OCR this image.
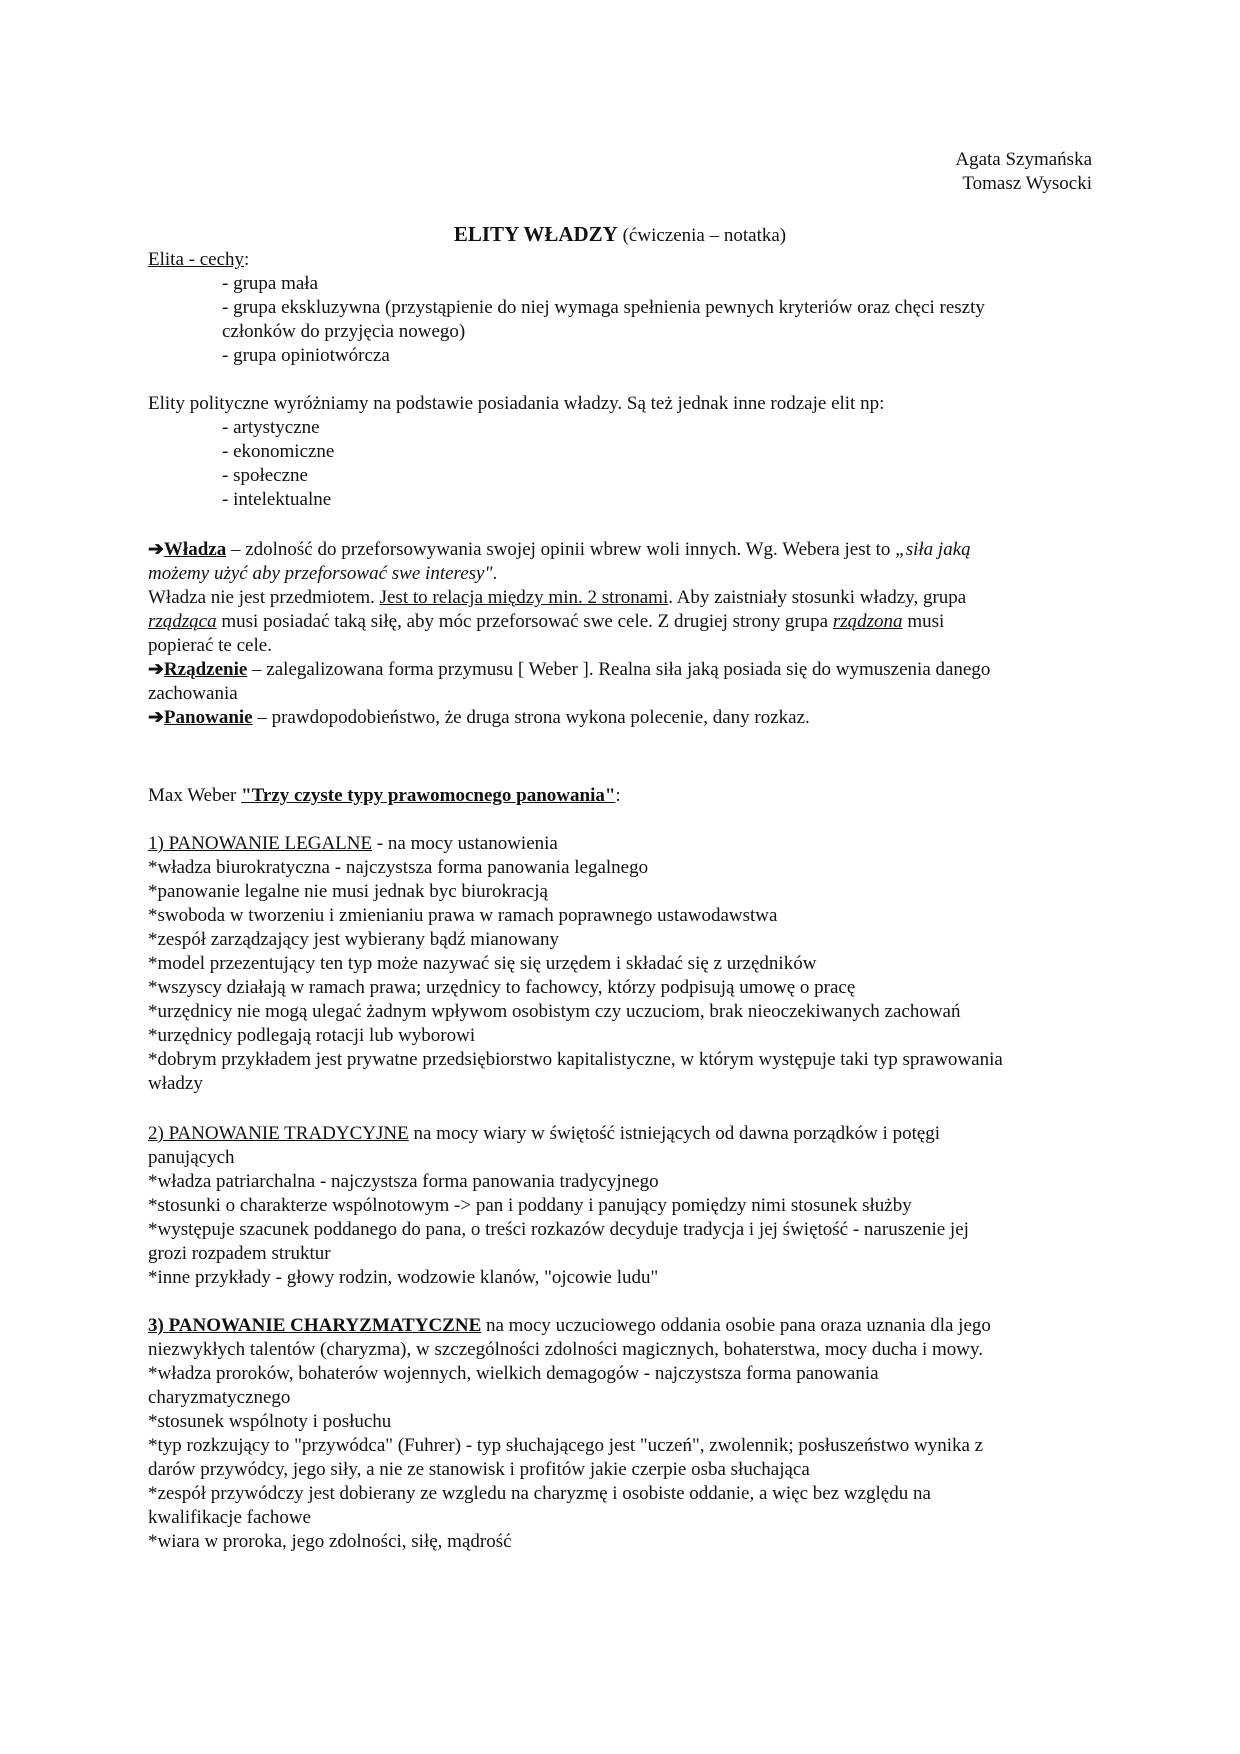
Agata Szymańska
Tomasz Wysocki
ELITY WŁADZY (ćwiczenia – notatka)
Elita - cechy:
- grupa mała
- grupa ekskluzywna (przystąpienie do niej wymaga spełnienia pewnych kryteriów oraz chęci reszty
członków do przyjęcia nowego)
- grupa opiniotwórcza
Elity polityczne wyróżniamy na podstawie posiadania władzy. Są też jednak inne rodzaje elit np:
- artystyczne
- ekonomiczne
- społeczne
- intelektualne
➔Władza – zdolność do przeforsowywania swojej opinii wbrew woli innych. Wg. Webera jest to „siła jaką
możemy użyć aby przeforsować swe interesy".
Władza nie jest przedmiotem. Jest to relacja między min. 2 stronami. Aby zaistniały stosunki władzy, grupa
rządząca musi posiadać taką siłę, aby móc przeforsować swe cele. Z drugiej strony grupa rządzona musi
popierać te cele.
➔Rządzenie – zalegalizowana forma przymusu [ Weber ]. Realna siła jaką posiada się do wymuszenia danego
zachowania
➔Panowanie – prawdopodobieństwo, że druga strona wykona polecenie, dany rozkaz.
Max Weber "Trzy czyste typy prawomocnego panowania":
1) PANOWANIE LEGALNE - na mocy ustanowienia
*władza biurokratyczna - najczystsza forma panowania legalnego
*panowanie legalne nie musi jednak byc biurokracją
*swoboda w tworzeniu i zmienianiu prawa w ramach poprawnego ustawodawstwa
*zespół zarządzający jest wybierany bądź mianowany
*model przezentujący ten typ może nazywać się się urzędem i składać się z urzędników
*wszyscy działają w ramach prawa; urzędnicy to fachowcy, którzy podpisują umowę o pracę
*urzędnicy nie mogą ulegać żadnym wpływom osobistym czy uczuciom, brak nieoczekiwanych zachowań
*urzędnicy podlegają rotacji lub wyborowi
*dobrym przykładem jest prywatne przedsiębiorstwo kapitalistyczne, w którym występuje taki typ sprawowania
władzy
2) PANOWANIE TRADYCYJNE na mocy wiary w świętość istniejących od dawna porządków i potęgi
panujących
*władza patriarchalna - najczystsza forma panowania tradycyjnego
*stosunki o charakterze wspólnotowym -> pan i poddany i panujący pomiędzy nimi stosunek służby
*występuje szacunek poddanego do pana, o treści rozkazów decyduje tradycja i jej świętość - naruszenie jej
grozi rozpadem struktur
*inne przykłady - głowy rodzin, wodzowie klanów, "ojcowie ludu"
3) PANOWANIE CHARYZMATYCZNE na mocy uczuciowego oddania osobie pana oraza uznania dla jego
niezwykłych talentów (charyzma), w szczególności zdolności magicznych, bohaterstwa, mocy ducha i mowy.
*władza proroków, bohaterów wojennych, wielkich demagogów - najczystsza forma panowania
charyzmatycznego
*stosunek wspólnoty i posłuchu
*typ rozkzujący to "przywódca" (Fuhrer) - typ słuchającego jest "uczeń", zwolennik; posłuszeństwo wynika z
darów przywódcy, jego siły, a nie ze stanowisk i profitów jakie czerpie osba słuchająca
*zespół przywódczy jest dobierany ze wzgledu na charyzmę i osobiste oddanie, a więc bez względu na
kwalifikacje fachowe
*wiara w proroka, jego zdolności, siłę, mądrość
